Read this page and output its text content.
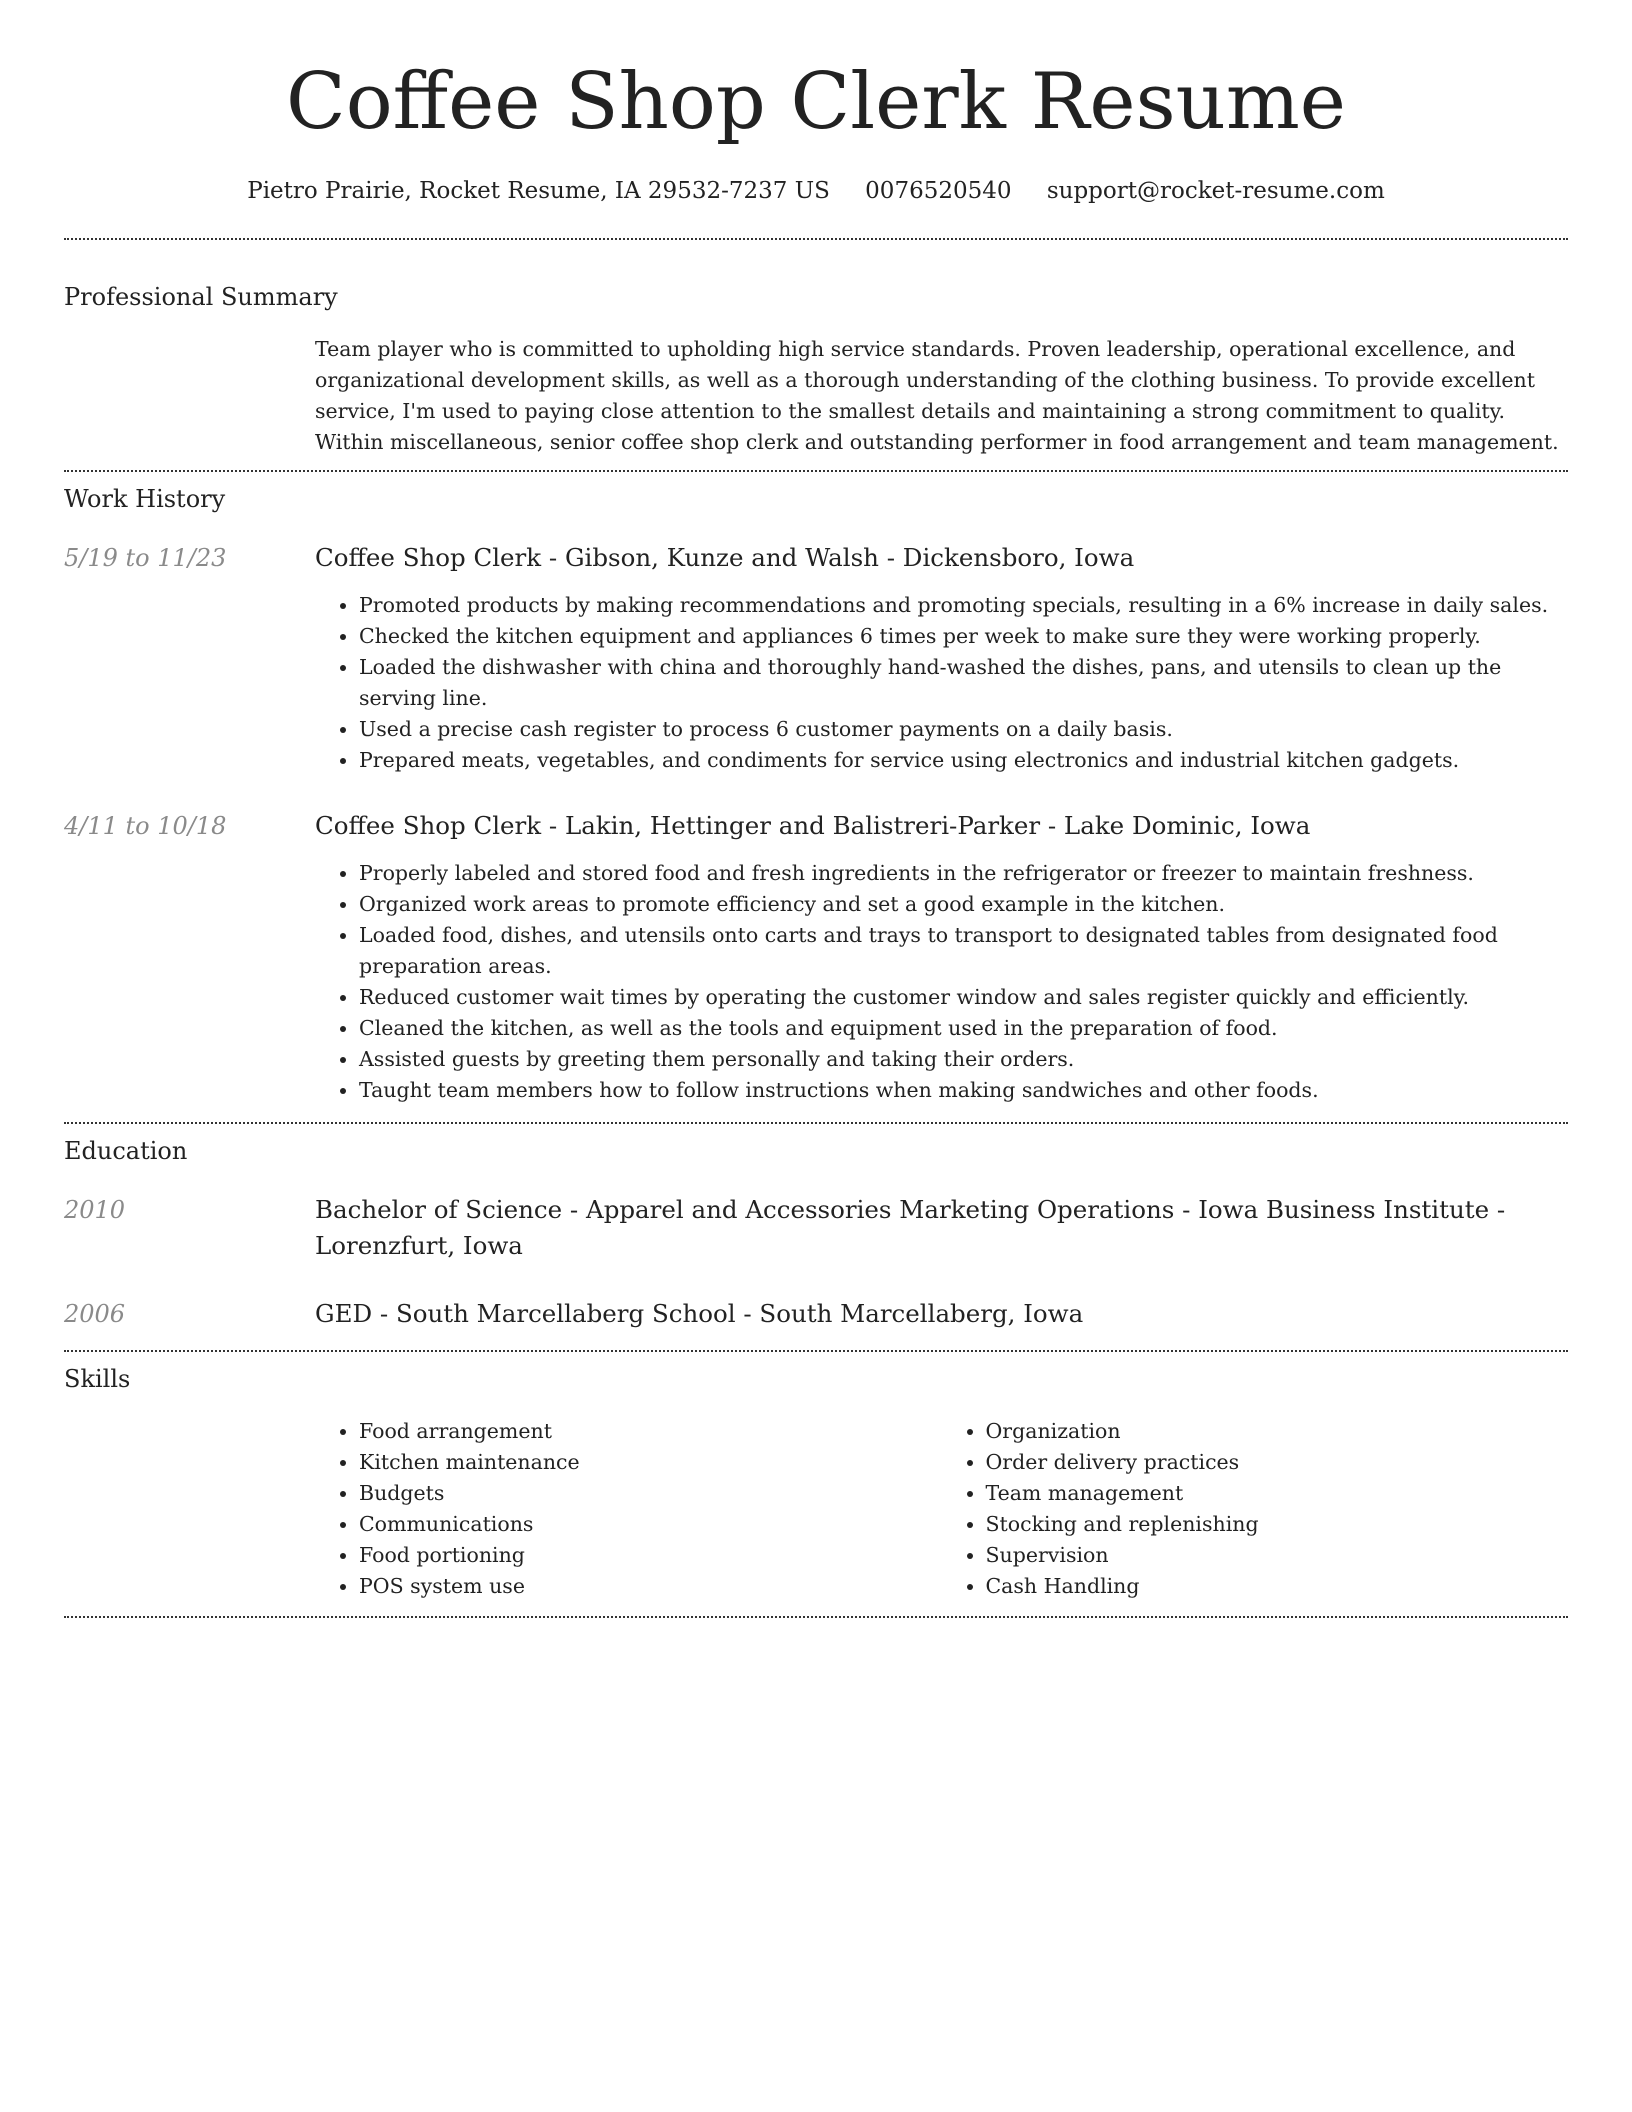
Coffee Shop Clerk Resume
Pietro Prairie, Rocket Resume, IA 29532-7237 US 0076520540 support@rocket-resume.com
Professional Summary
Team player who is committed to upholding high service standards. Proven leadership, operational excellence, and organizational development skills, as well as a thorough understanding of the clothing business. To provide excellent service, I'm used to paying close attention to the smallest details and maintaining a strong commitment to quality. Within miscellaneous, senior coffee shop clerk and outstanding performer in food arrangement and team management.
Work History
5/19 to 11/23	Coffee Shop Clerk - Gibson, Kunze and Walsh - Dickensboro, Iowa
• Promoted products by making recommendations and promoting specials, resulting in a 6% increase in daily sales.
• Checked the kitchen equipment and appliances 6 times per week to make sure they were working properly.
• Loaded the dishwasher with china and thoroughly hand-washed the dishes, pans, and utensils to clean up the serving line.
• Used a precise cash register to process 6 customer payments on a daily basis.
• Prepared meats, vegetables, and condiments for service using electronics and industrial kitchen gadgets.
4/11 to 10/18	Coffee Shop Clerk - Lakin, Hettinger and Balistreri-Parker - Lake Dominic, Iowa
• Properly labeled and stored food and fresh ingredients in the refrigerator or freezer to maintain freshness.
• Organized work areas to promote efficiency and set a good example in the kitchen.
• Loaded food, dishes, and utensils onto carts and trays to transport to designated tables from designated food preparation areas.
• Reduced customer wait times by operating the customer window and sales register quickly and efficiently.
• Cleaned the kitchen, as well as the tools and equipment used in the preparation of food.
• Assisted guests by greeting them personally and taking their orders.
• Taught team members how to follow instructions when making sandwiches and other foods.
Education
2010	Bachelor of Science - Apparel and Accessories Marketing Operations - Iowa Business Institute - Lorenzfurt, Iowa
2006	GED - South Marcellaberg School - South Marcellaberg, Iowa
Skills
• Food arrangement
• Kitchen maintenance
• Budgets
• Communications
• Food portioning
• POS system use
• Organization
• Order delivery practices
• Team management
• Stocking and replenishing
• Supervision
• Cash Handling
